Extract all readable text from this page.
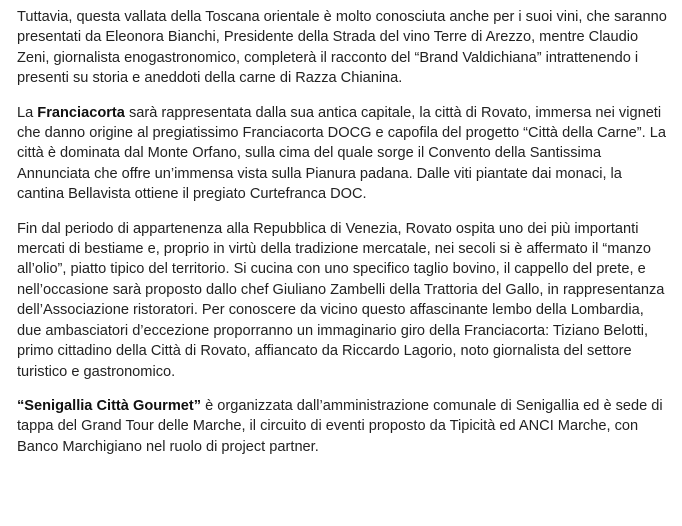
Tuttavia, questa vallata della Toscana orientale è molto conosciuta anche per i suoi vini, che saranno presentati da Eleonora Bianchi, Presidente della Strada del vino Terre di Arezzo, mentre Claudio Zeni, giornalista enogastronomico, completerà il racconto del “Brand Valdichiana” intrattenendo i presenti su storia e aneddoti della carne di Razza Chianina.

La Franciacorta sarà rappresentata dalla sua antica capitale, la città di Rovato, immersa nei vigneti che danno origine al pregiatissimo Franciacorta DOCG e capofila del progetto “Città della Carne”. La città è dominata dal Monte Orfano, sulla cima del quale sorge il Convento della Santissima Annunciata che offre un’immensa vista sulla Pianura padana. Dalle viti piantate dai monaci, la cantina Bellavista ottiene il pregiato Curtefranca DOC.

Fin dal periodo di appartenenza alla Repubblica di Venezia, Rovato ospita uno dei più importanti mercati di bestiame e, proprio in virtù della tradizione mercatale, nei secoli si è affermato il “manzo all’olio”, piatto tipico del territorio. Si cucina con uno specifico taglio bovino, il cappello del prete, e nell’occasione sarà proposto dallo chef Giuliano Zambelli della Trattoria del Gallo, in rappresentanza dell’Associazione ristoratori. Per conoscere da vicino questo affascinante lembo della Lombardia, due ambasciatori d’eccezione proporranno un immaginario giro della Franciacorta: Tiziano Belotti, primo cittadino della Città di Rovato, affiancato da Riccardo Lagorio, noto giornalista del settore turistico e gastronomico.

“Senigallia Città Gourmet” è organizzata dall’amministrazione comunale di Senigallia ed è sede di tappa del Grand Tour delle Marche, il circuito di eventi proposto da Tipicità ed ANCI Marche, con Banco Marchigiano nel ruolo di project partner.
